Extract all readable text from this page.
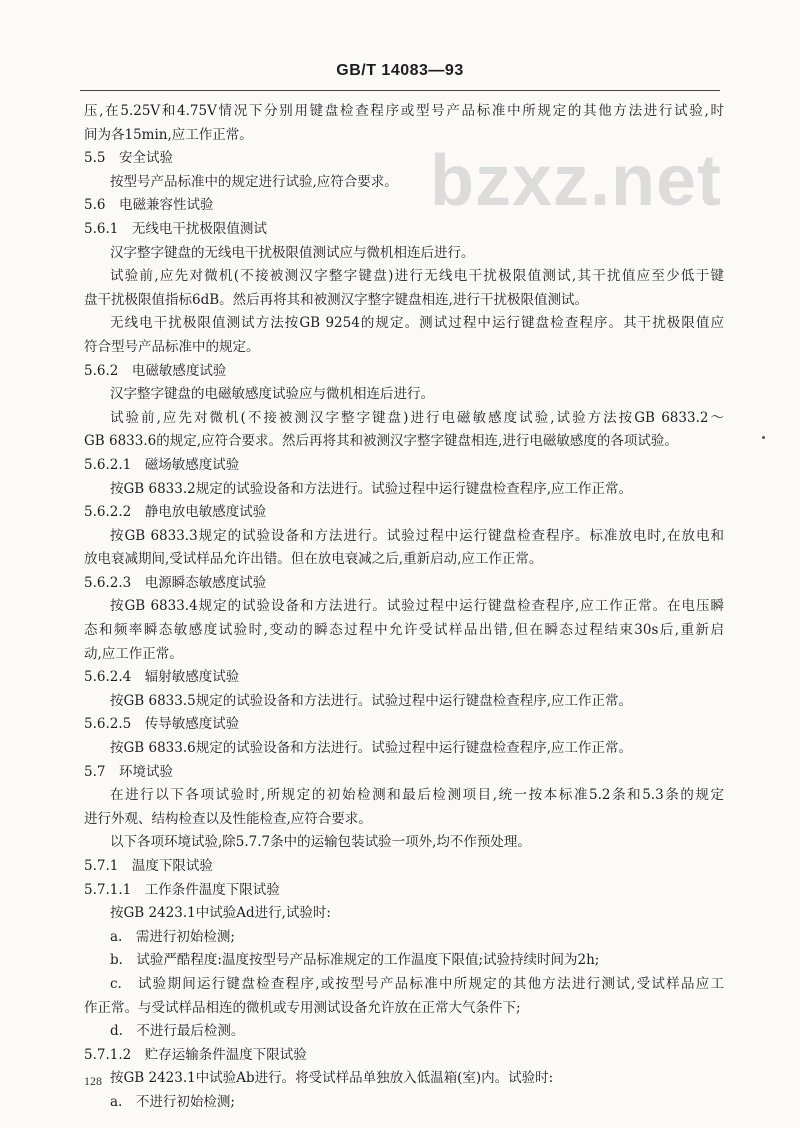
GB/T 14083—93
bzxz.net
压,在5.25V和4.75V情况下分别用键盘检查程序或型号产品标准中所规定的其他方法进行试验,时
间为各15min,应工作正常。
5.5　安全试验
按型号产品标准中的规定进行试验,应符合要求。
5.6　电磁兼容性试验
5.6.1　无线电干扰极限值测试
汉字整字键盘的无线电干扰极限值测试应与微机相连后进行。
试验前,应先对微机(不接被测汉字整字键盘)进行无线电干扰极限值测试,其干扰值应至少低于键
盘干扰极限值指标6dB。然后再将其和被测汉字整字键盘相连,进行干扰极限值测试。
无线电干扰极限值测试方法按GB 9254的规定。测试过程中运行键盘检查程序。其干扰极限值应
符合型号产品标准中的规定。
5.6.2　电磁敏感度试验
汉字整字键盘的电磁敏感度试验应与微机相连后进行。
试验前,应先对微机(不接被测汉字整字键盘)进行电磁敏感度试验,试验方法按GB 6833.2～
GB 6833.6的规定,应符合要求。然后再将其和被测汉字整字键盘相连,进行电磁敏感度的各项试验。
5.6.2.1　磁场敏感度试验
按GB 6833.2规定的试验设备和方法进行。试验过程中运行键盘检查程序,应工作正常。
5.6.2.2　静电放电敏感度试验
按GB 6833.3规定的试验设备和方法进行。试验过程中运行键盘检查程序。标准放电时,在放电和
放电衰减期间,受试样品允许出错。但在放电衰减之后,重新启动,应工作正常。
5.6.2.3　电源瞬态敏感度试验
按GB 6833.4规定的试验设备和方法进行。试验过程中运行键盘检查程序,应工作正常。在电压瞬
态和频率瞬态敏感度试验时,变动的瞬态过程中允许受试样品出错,但在瞬态过程结束30s后,重新启
动,应工作正常。
5.6.2.4　辐射敏感度试验
按GB 6833.5规定的试验设备和方法进行。试验过程中运行键盘检查程序,应工作正常。
5.6.2.5　传导敏感度试验
按GB 6833.6规定的试验设备和方法进行。试验过程中运行键盘检查程序,应工作正常。
5.7　环境试验
在进行以下各项试验时,所规定的初始检测和最后检测项目,统一按本标准5.2条和5.3条的规定
进行外观、结构检查以及性能检查,应符合要求。
以下各项环境试验,除5.7.7条中的运输包装试验一项外,均不作预处理。
5.7.1　温度下限试验
5.7.1.1　工作条件温度下限试验
按GB 2423.1中试验Ad进行,试验时:
a.　需进行初始检测;
b.　试验严酷程度:温度按型号产品标准规定的工作温度下限值;试验持续时间为2h;
c.　试验期间运行键盘检查程序,或按型号产品标准中所规定的其他方法进行测试,受试样品应工
作正常。与受试样品相连的微机或专用测试设备允许放在正常大气条件下;
d.　不进行最后检测。
5.7.1.2　贮存运输条件温度下限试验
按GB 2423.1中试验Ab进行。将受试样品单独放入低温箱(室)内。试验时:
a.　不进行初始检测;
128
